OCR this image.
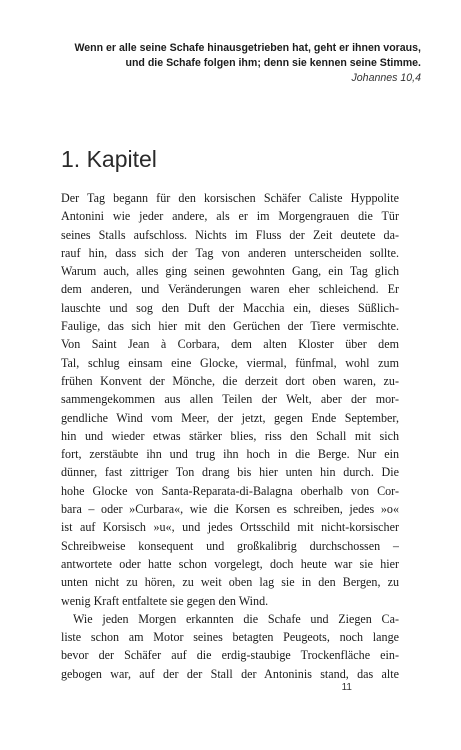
Wenn er alle seine Schafe hinausgetrieben hat, geht er ihnen voraus,
und die Schafe folgen ihm; denn sie kennen seine Stimme.
Johannes 10,4
1. Kapitel
Der Tag begann für den korsischen Schäfer Caliste Hyppolite
Antonini wie jeder andere, als er im Morgengrauen die Tür
seines Stalls aufschloss. Nichts im Fluss der Zeit deutete da-
rauf hin, dass sich der Tag von anderen unterscheiden sollte.
Warum auch, alles ging seinen gewohnten Gang, ein Tag glich
dem anderen, und Veränderungen waren eher schleichend. Er
lauschte und sog den Duft der Macchia ein, dieses Süßlich-
Faulige, das sich hier mit den Gerüchen der Tiere vermischte.
Von Saint Jean à Corbara, dem alten Kloster über dem
Tal, schlug einsam eine Glocke, viermal, fünfmal, wohl zum
frühen Konvent der Mönche, die derzeit dort oben waren, zu-
sammengekommen aus allen Teilen der Welt, aber der mor-
gendliche Wind vom Meer, der jetzt, gegen Ende September,
hin und wieder etwas stärker blies, riss den Schall mit sich
fort, zerstäubte ihn und trug ihn hoch in die Berge. Nur ein
dünner, fast zittriger Ton drang bis hier unten hin durch. Die
hohe Glocke von Santa-Reparata-di-Balagna oberhalb von Cor-
bara – oder »Curbara«, wie die Korsen es schreiben, jedes »o«
ist auf Korsisch »u«, und jedes Ortsschild mit nicht-korsischer
Schreibweise konsequent und großkalibrig durchschossen –
antwortete oder hatte schon vorgelegt, doch heute war sie hier
unten nicht zu hören, zu weit oben lag sie in den Bergen, zu
wenig Kraft entfaltete sie gegen den Wind.
Wie jeden Morgen erkannten die Schafe und Ziegen Ca-
liste schon am Motor seines betagten Peugeots, noch lange
bevor der Schäfer auf die erdig-staubige Trockenfläche ein-
gebogen war, auf der der Stall der Antoninis stand, das alte
11
